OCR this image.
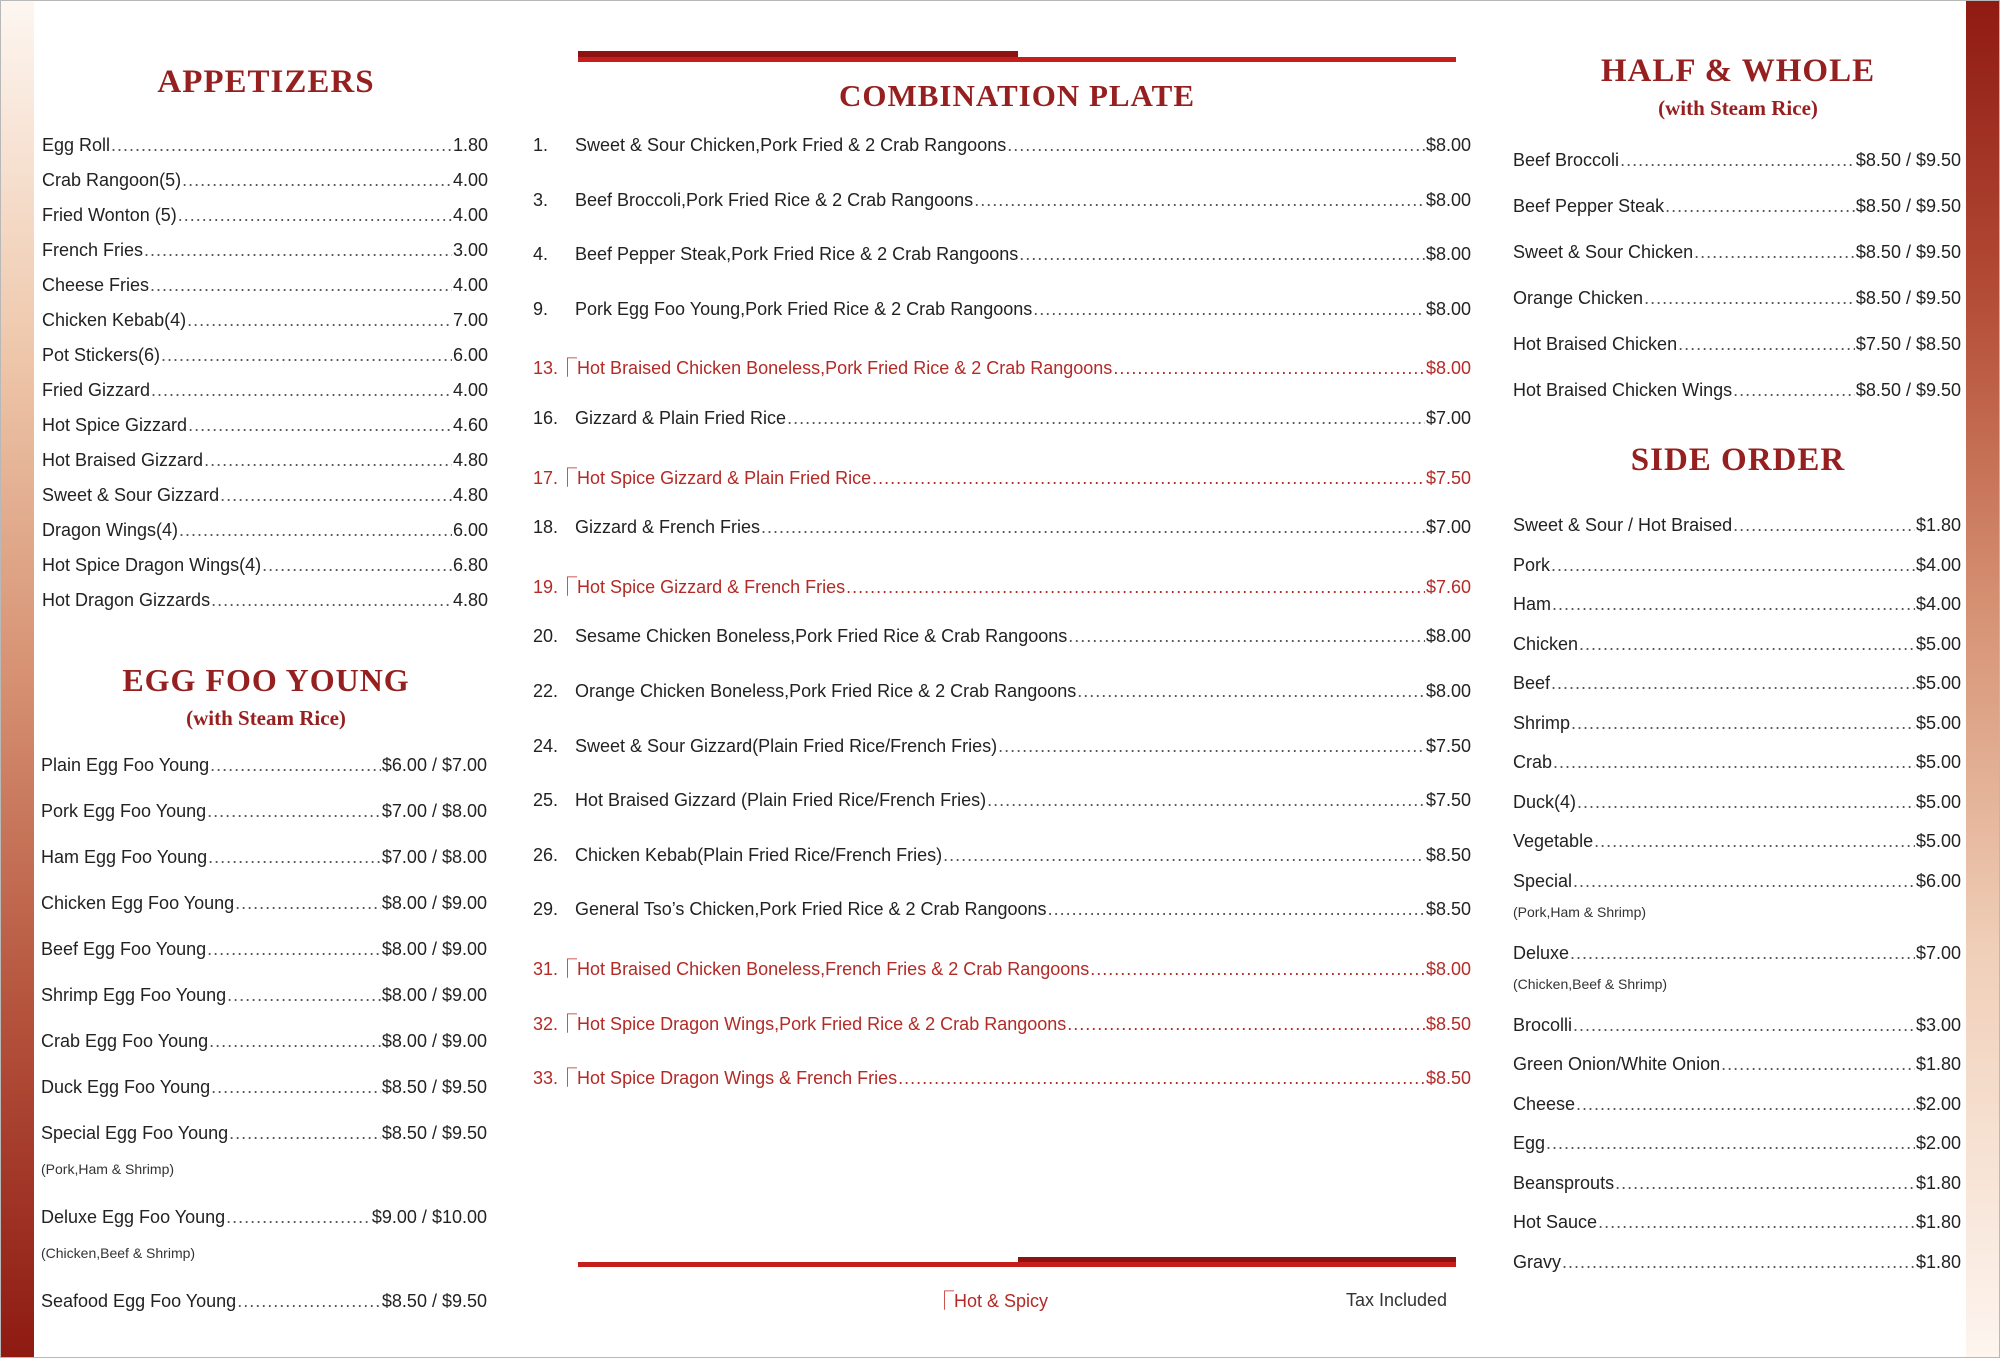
APPETIZERS
Egg Roll .....	1.80
Crab Rangoon(5) .....	4.00
Fried Wonton (5) .....	4.00
French Fries .....	3.00
Cheese Fries .....	4.00
Chicken Kebab(4) .....	7.00
Pot Stickers(6) .....	6.00
Fried Gizzard .....	4.00
Hot Spice Gizzard .....	4.60
Hot Braised Gizzard .....	4.80
Sweet & Sour Gizzard .....	4.80
Dragon Wings(4) .....	6.00
Hot Spice Dragon Wings(4) .....	6.80
Hot Dragon Gizzards .....	4.80
EGG FOO YOUNG
(with Steam Rice)
Plain Egg Foo Young .....	$6.00 / $7.00
Pork Egg Foo Young .....	$7.00 / $8.00
Ham Egg Foo Young .....	$7.00 / $8.00
Chicken Egg Foo Young .....	$8.00 / $9.00
Beef Egg Foo Young .....	$8.00 / $9.00
Shrimp Egg Foo Young .....	$8.00 / $9.00
Crab Egg Foo Young .....	$8.00 / $9.00
Duck Egg Foo Young .....	$8.50 / $9.50
Special Egg Foo Young .....	$8.50 / $9.50
(Pork,Ham & Shrimp)
Deluxe Egg Foo Young .....	$9.00 / $10.00
(Chicken,Beef & Shrimp)
Seafood Egg Foo Young .....	$8.50 / $9.50
COMBINATION PLATE
1. Sweet & Sour Chicken,Pork Fried & 2 Crab Rangoons .....	$8.00
3. Beef Broccoli,Pork Fried Rice & 2 Crab Rangoons .....	$8.00
4. Beef Pepper Steak,Pork Fried Rice & 2 Crab Rangoons .....	$8.00
9. Pork Egg Foo Young,Pork Fried Rice & 2 Crab Rangoons .....	$8.00
13.⎾Hot Braised Chicken Boneless,Pork Fried Rice & 2 Crab Rangoons .....	$8.00
16. Gizzard & Plain Fried Rice .....	$7.00
17.⎾Hot Spice Gizzard & Plain Fried Rice .....	$7.50
18. Gizzard & French Fries .....	$7.00
19.⎾Hot Spice Gizzard & French Fries .....	$7.60
20. Sesame Chicken Boneless,Pork Fried Rice & Crab Rangoons .....	$8.00
22. Orange Chicken Boneless,Pork Fried Rice & 2 Crab Rangoons .....	$8.00
24. Sweet & Sour Gizzard(Plain Fried Rice/French Fries) .....	$7.50
25. Hot Braised Gizzard (Plain Fried Rice/French Fries) .....	$7.50
26. Chicken Kebab(Plain Fried Rice/French Fries) .....	$8.50
29. General Tso’s Chicken,Pork Fried Rice & 2 Crab Rangoons .....	$8.50
31.⎾Hot Braised Chicken Boneless,French Fries & 2 Crab Rangoons .....	$8.00
32.⎾Hot Spice Dragon Wings,Pork Fried Rice & 2 Crab Rangoons .....	$8.50
33.⎾Hot Spice Dragon Wings & French Fries .....	$8.50
⎾Hot & Spicy	Tax Included
HALF & WHOLE
(with Steam Rice)
Beef Broccoli .....	$8.50 / $9.50
Beef Pepper Steak .....	$8.50 / $9.50
Sweet & Sour Chicken .....	$8.50 / $9.50
Orange Chicken .....	$8.50 / $9.50
Hot Braised Chicken .....	$7.50 / $8.50
Hot Braised Chicken Wings .....	$8.50 / $9.50
SIDE ORDER
Sweet & Sour / Hot Braised .....	$1.80
Pork .....	$4.00
Ham .....	$4.00
Chicken .....	$5.00
Beef .....	$5.00
Shrimp .....	$5.00
Crab .....	$5.00
Duck(4) .....	$5.00
Vegetable .....	$5.00
Special .....	$6.00
(Pork,Ham & Shrimp)
Deluxe .....	$7.00
(Chicken,Beef & Shrimp)
Brocolli .....	$3.00
Green Onion/White Onion .....	$1.80
Cheese .....	$2.00
Egg .....	$2.00
Beansprouts .....	$1.80
Hot Sauce .....	$1.80
Gravy .....	$1.80
